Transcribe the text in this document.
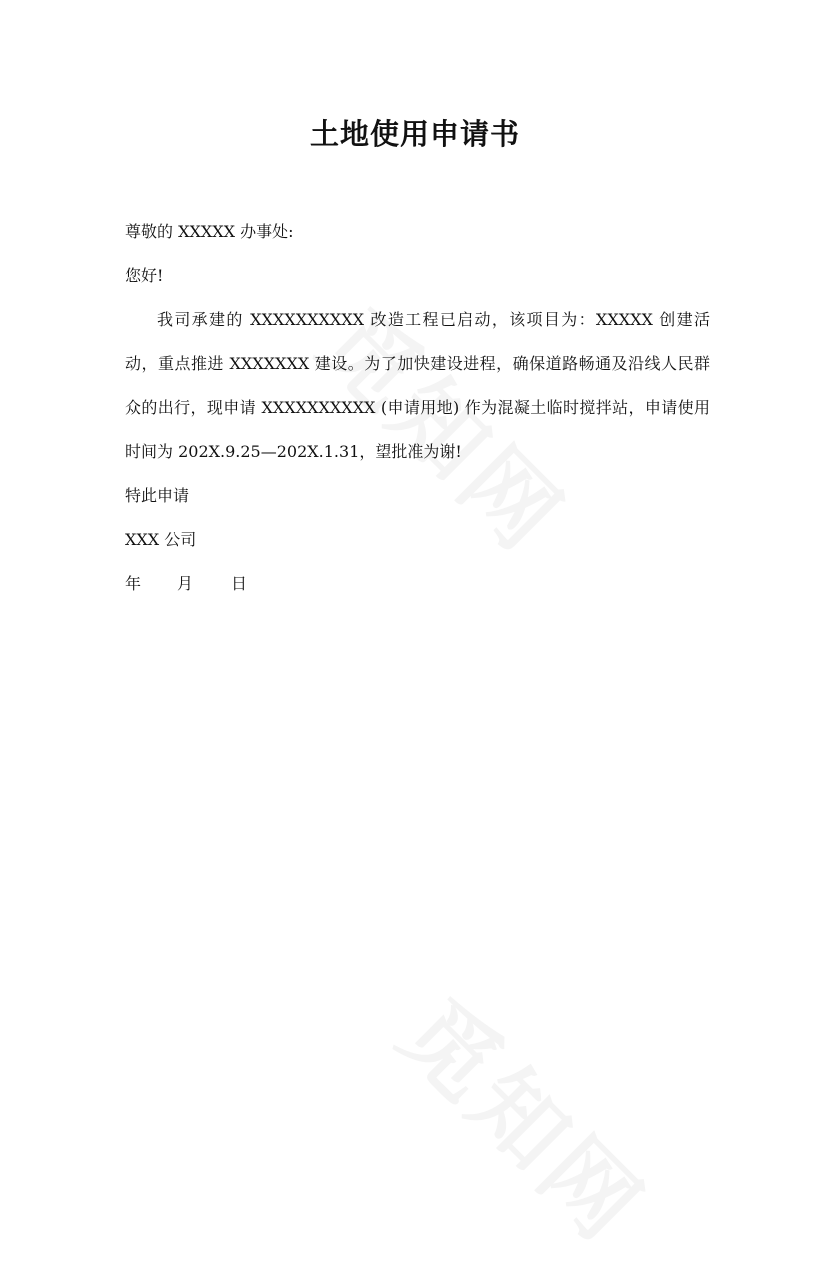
土地使用申请书

尊敬的 XXXXX 办事处:

您好!

我司承建的 XXXXXXXXXX 改造工程已启动，该项目为：XXXXX 创建活动，重点推进 XXXXXXX 建设。为了加快建设进程，确保道路畅通及沿线人民群众的出行，现申请 XXXXXXXXXX (申请用地) 作为混凝土临时搅拌站，申请使用时间为 202X.9.25—202X.1.31，望批准为谢!

特此申请

XXX 公司

年 月 日
